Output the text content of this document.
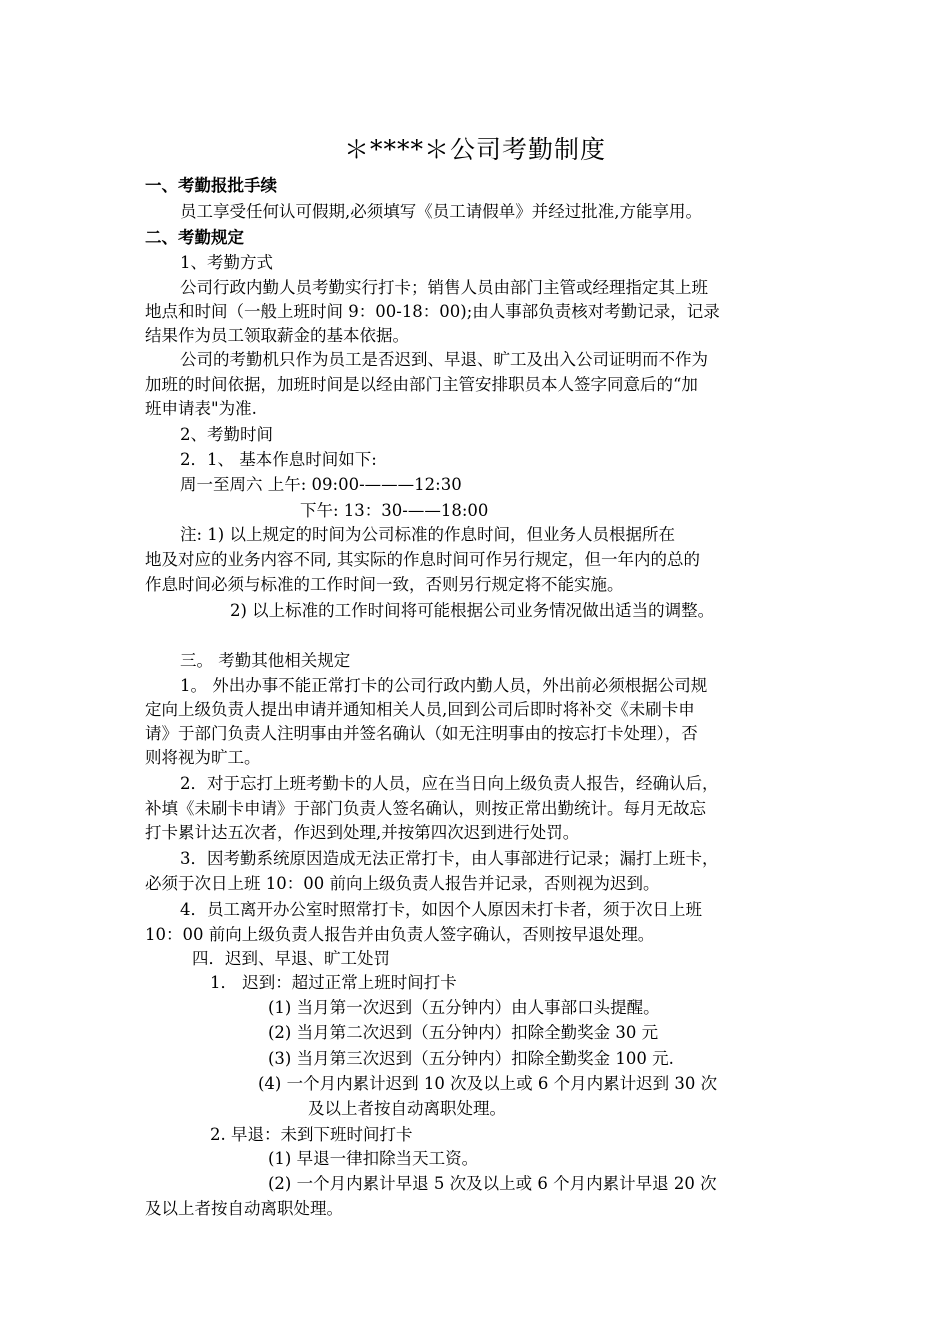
＊****＊公司考勤制度
一、考勤报批手续
员工享受任何认可假期,必须填写《员工请假单》并经过批准,方能享用。
二、考勤规定
1、考勤方式
公司行政内勤人员考勤实行打卡；销售人员由部门主管或经理指定其上班
地点和时间（一般上班时间 9：00-18：00);由人事部负责核对考勤记录，记录
结果作为员工领取薪金的基本依据。
公司的考勤机只作为员工是否迟到、早退、旷工及出入公司证明而不作为
加班的时间依据，加班时间是以经由部门主管安排职员本人签字同意后的“加
班申请表"为准.
2、考勤时间
2．1、 基本作息时间如下:
周一至周六 上午: 09:00-———12:30
下午: 13：30-——18:00
注: 1) 以上规定的时间为公司标准的作息时间，但业务人员根据所在
地及对应的业务内容不同, 其实际的作息时间可作另行规定，但一年内的总的
作息时间必须与标准的工作时间一致，否则另行规定将不能实施。
2) 以上标准的工作时间将可能根据公司业务情况做出适当的调整。
三。 考勤其他相关规定
1。 外出办事不能正常打卡的公司行政内勤人员，外出前必须根据公司规
定向上级负责人提出申请并通知相关人员,回到公司后即时将补交《未刷卡申
请》于部门负责人注明事由并签名确认（如无注明事由的按忘打卡处理），否
则将视为旷工。
2．对于忘打上班考勤卡的人员，应在当日向上级负责人报告，经确认后，
补填《未刷卡申请》于部门负责人签名确认，则按正常出勤统计。每月无故忘
打卡累计达五次者，作迟到处理,并按第四次迟到进行处罚。
3．因考勤系统原因造成无法正常打卡，由人事部进行记录；漏打上班卡，
必须于次日上班 10：00 前向上级负责人报告并记录，否则视为迟到。
4．员工离开办公室时照常打卡，如因个人原因未打卡者，须于次日上班
10：00 前向上级负责人报告并由负责人签字确认，否则按早退处理。
四．迟到、早退、旷工处罚
1． 迟到：超过正常上班时间打卡
(1) 当月第一次迟到（五分钟内）由人事部口头提醒。
(2) 当月第二次迟到（五分钟内）扣除全勤奖金 30 元
(3) 当月第三次迟到（五分钟内）扣除全勤奖金 100 元.
(4) 一个月内累计迟到 10 次及以上或 6 个月内累计迟到 30 次
及以上者按自动离职处理。
2. 早退：未到下班时间打卡
(1) 早退一律扣除当天工资。
(2) 一个月内累计早退 5 次及以上或 6 个月内累计早退 20 次
及以上者按自动离职处理。
